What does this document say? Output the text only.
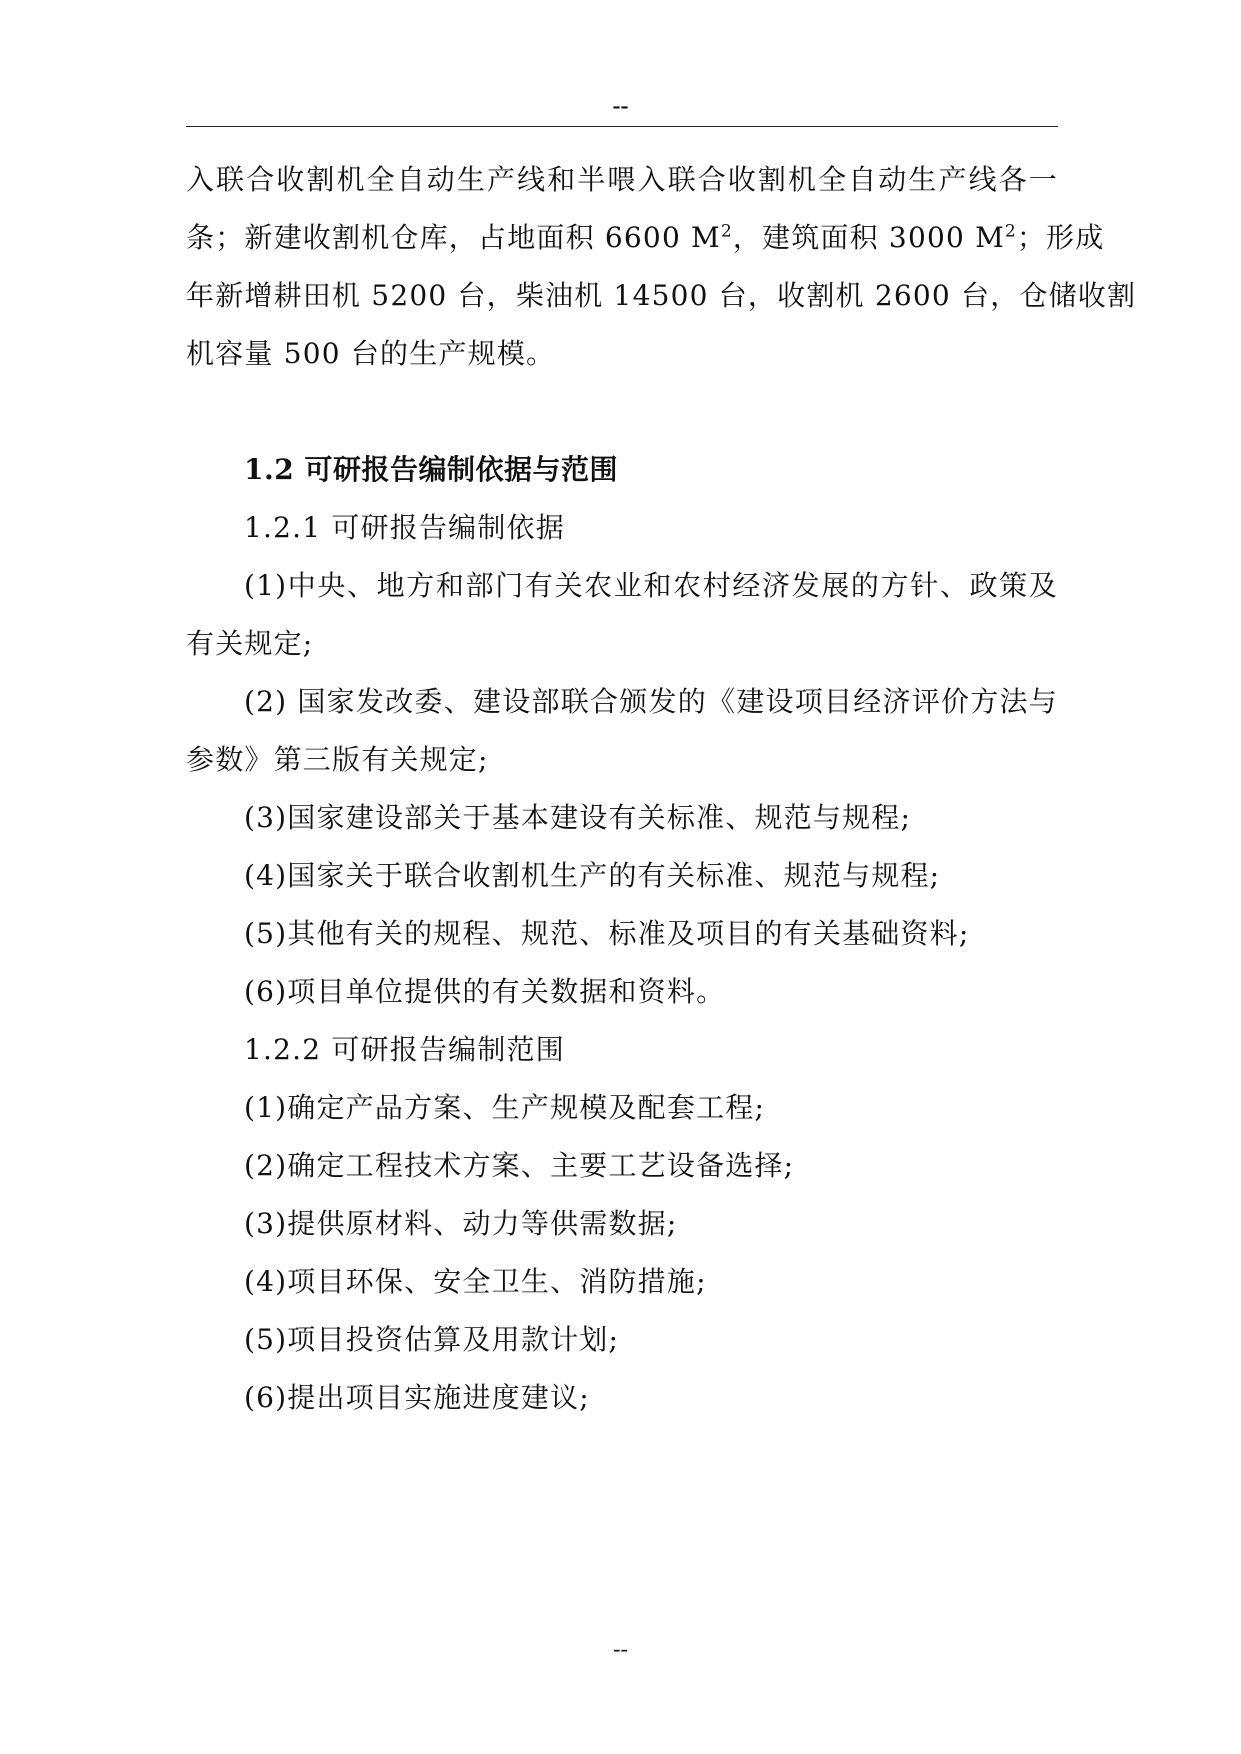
--
入联合收割机全自动生产线和半喂入联合收割机全自动生产线各一
条；新建收割机仓库，占地面积 6600 $M^2$，建筑面积 3000 $M^2$；形成
年新增耕田机 5200 台，柴油机 14500 台，收割机 2600 台，仓储收割
机容量 500 台的生产规模。
1.2 可研报告编制依据与范围
1.2.1 可研报告编制依据
(1)中央、地方和部门有关农业和农村经济发展的方针、政策及
有关规定;
(2) 国家发改委、建设部联合颁发的《建设项目经济评价方法与
参数》第三版有关规定;
(3)国家建设部关于基本建设有关标准、规范与规程;
(4)国家关于联合收割机生产的有关标准、规范与规程;
(5)其他有关的规程、规范、标准及项目的有关基础资料;
(6)项目单位提供的有关数据和资料。
1.2.2 可研报告编制范围
(1)确定产品方案、生产规模及配套工程;
(2)确定工程技术方案、主要工艺设备选择;
(3)提供原材料、动力等供需数据;
(4)项目环保、安全卫生、消防措施;
(5)项目投资估算及用款计划;
(6)提出项目实施进度建议;
--
